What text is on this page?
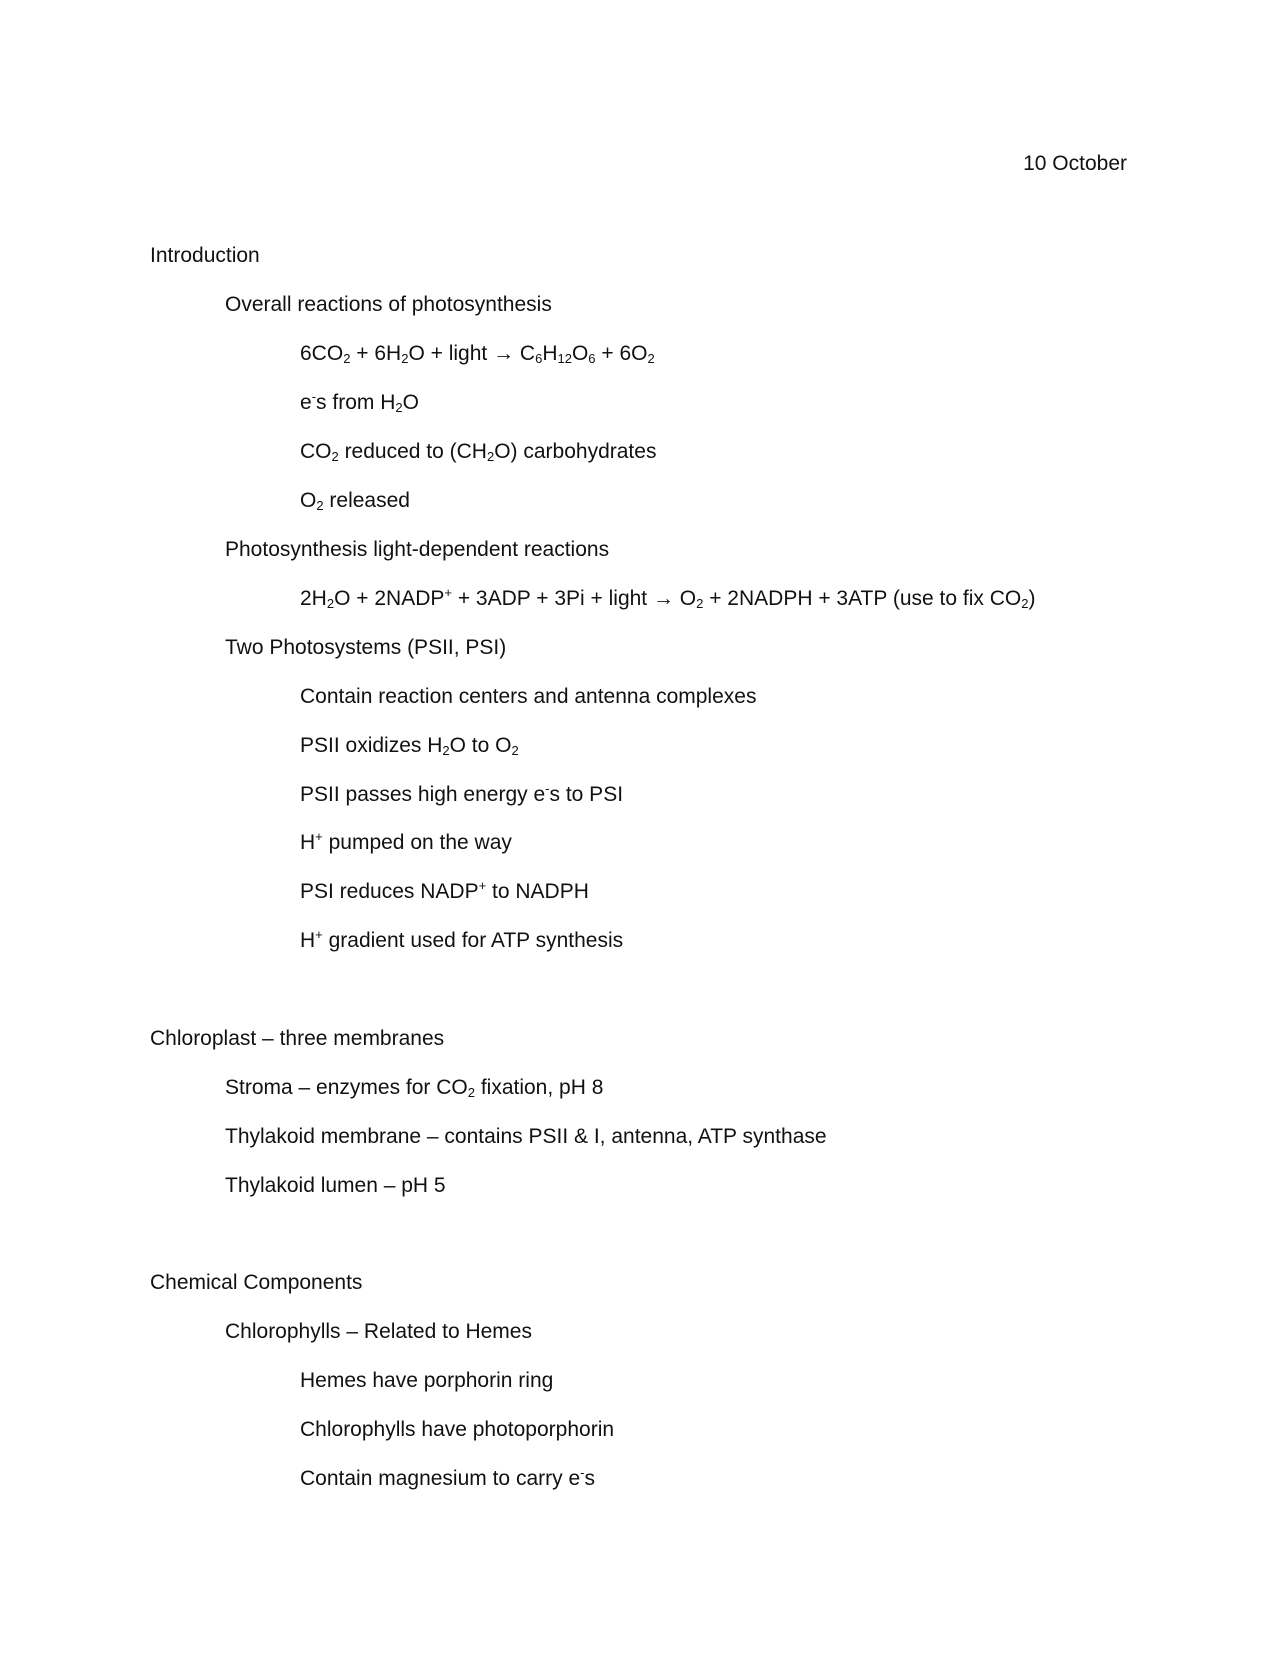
10 October
Introduction
Overall reactions of photosynthesis
$6CO_2 + 6H_2O$ + light → $C_6H_{12}O_6 + 6O_2$
e-s from $H_2O$
$CO_2$ reduced to $(CH_2O)$ carbohydrates
$O_2$ released
Photosynthesis light-dependent reactions
$2H_2O$ + 2NADP+ + 3ADP + 3Pi + light → $O_2$ + 2NADPH + 3ATP (use to fix $CO_2$)
Two Photosystems (PSII, PSI)
Contain reaction centers and antenna complexes
PSII oxidizes $H_2O$ to $O_2$
PSII passes high energy e-s to PSI
H+ pumped on the way
PSI reduces NADP+ to NADPH
H+ gradient used for ATP synthesis
Chloroplast – three membranes
Stroma – enzymes for $CO_2$ fixation, pH 8
Thylakoid membrane – contains PSII & I, antenna, ATP synthase
Thylakoid lumen – pH 5
Chemical Components
Chlorophylls – Related to Hemes
Hemes have porphorin ring
Chlorophylls have photoporphorin
Contain magnesium to carry e-s
